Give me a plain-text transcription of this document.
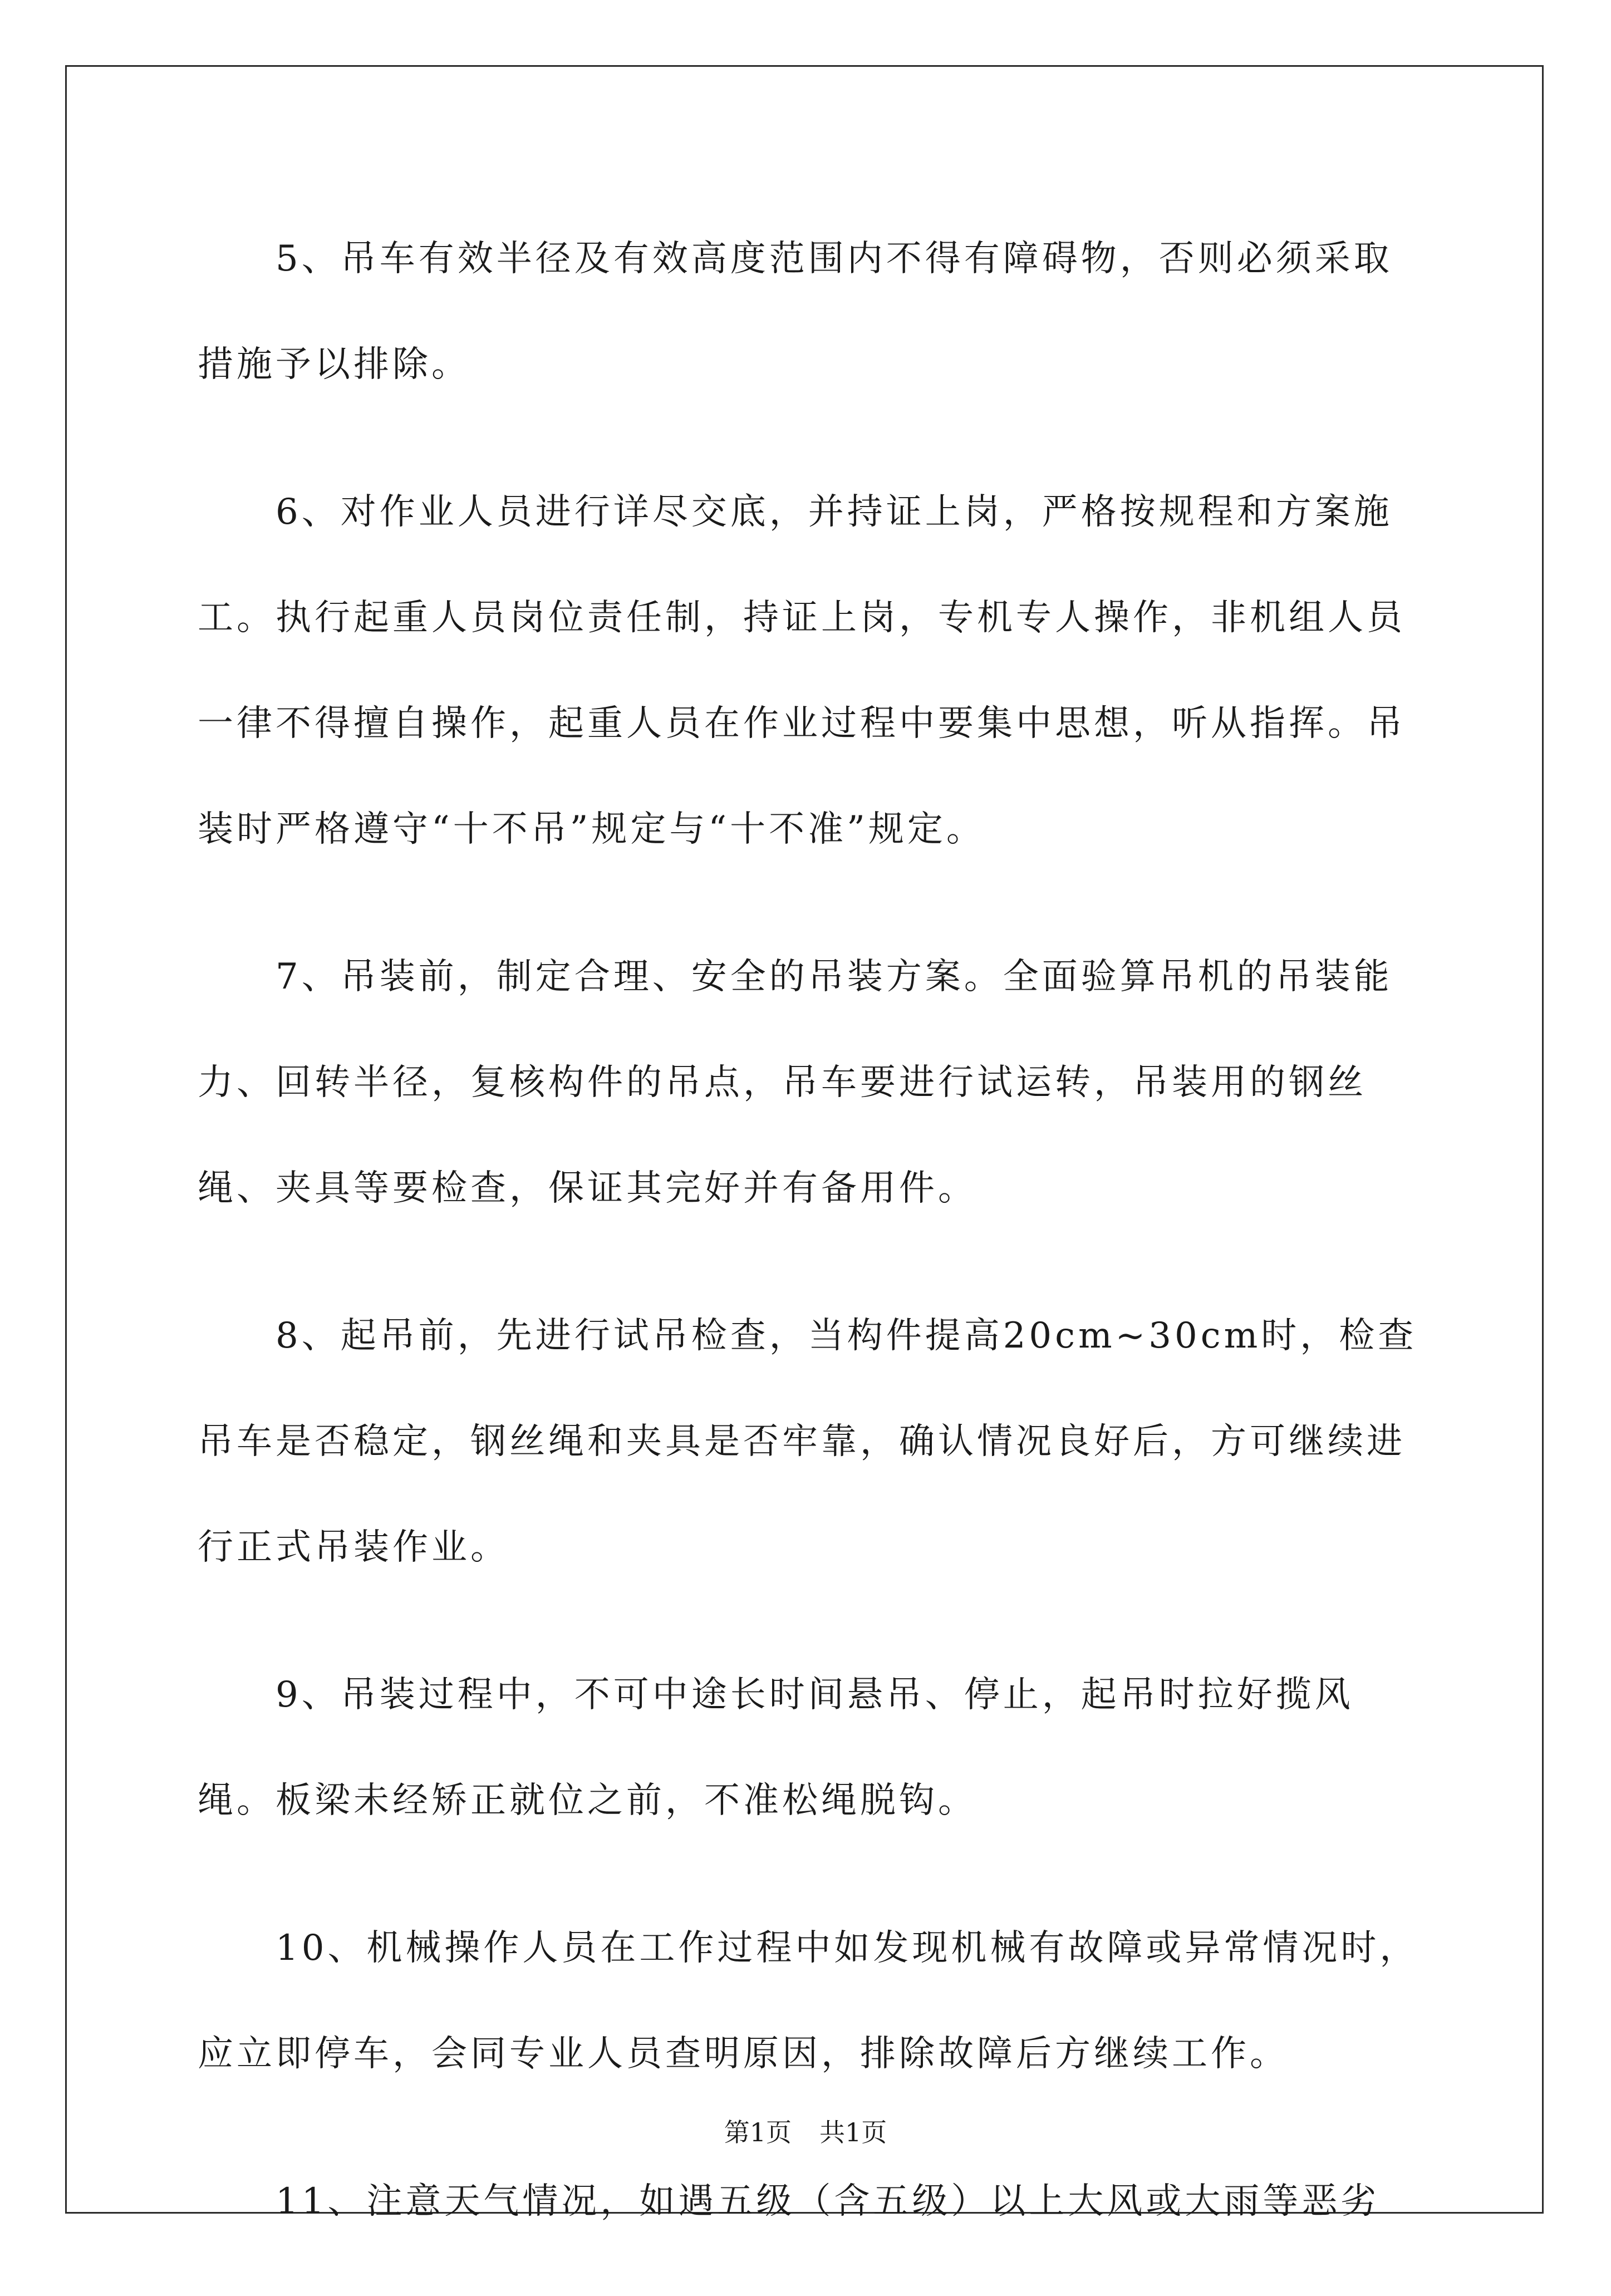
5、吊车有效半径及有效高度范围内不得有障碍物，否则必须采取措施予以排除。

6、对作业人员进行详尽交底，并持证上岗，严格按规程和方案施工。执行起重人员岗位责任制，持证上岗，专机专人操作，非机组人员一律不得擅自操作，起重人员在作业过程中要集中思想，听从指挥。吊装时严格遵守“十不吊”规定与“十不准”规定。

7、吊装前，制定合理、安全的吊装方案。全面验算吊机的吊装能力、回转半径，复核构件的吊点，吊车要进行试运转，吊装用的钢丝绳、夹具等要检查，保证其完好并有备用件。

8、起吊前，先进行试吊检查，当构件提高20cm~30cm时，检查吊车是否稳定，钢丝绳和夹具是否牢靠，确认情况良好后，方可继续进行正式吊装作业。

9、吊装过程中，不可中途长时间悬吊、停止，起吊时拉好揽风绳。板梁未经矫正就位之前，不准松绳脱钩。

10、机械操作人员在工作过程中如发现机械有故障或异常情况时，应立即停车，会同专业人员查明原因，排除故障后方继续工作。

11、注意天气情况，如遇五级（含五级）以上大风或大雨等恶劣

第1页 共1页
